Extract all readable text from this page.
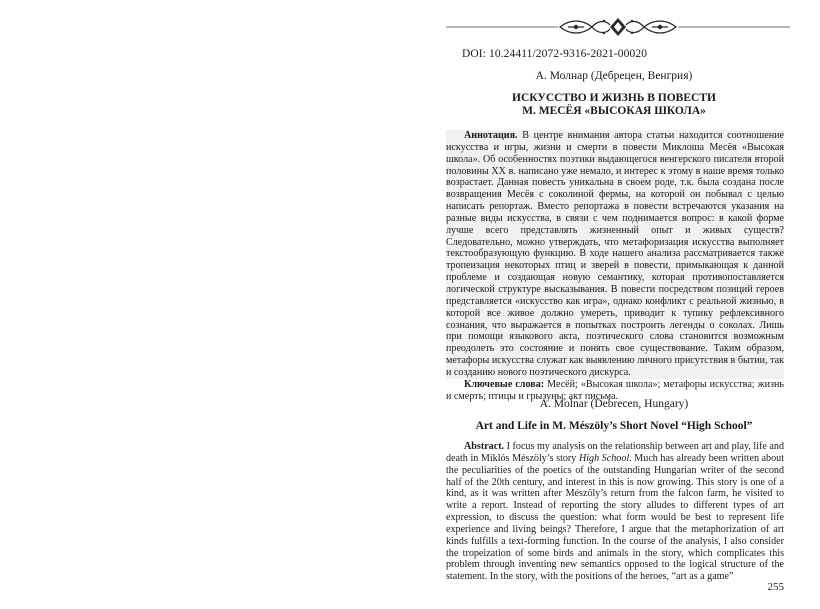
DOI: 10.24411/2072-9316-2021-00020
А. Молнар (Дебрецен, Венгрия)
ИСКУССТВО И ЖИЗНЬ В ПОВЕСТИ
М. МЕСЁЯ «ВЫСОКАЯ ШКОЛА»

Аннотация. В центре внимания автора статьи находится соотношение искусства и игры, жизни и смерти в повести Миклоша Месёя «Высокая школа». Об особенностях поэтики выдающегося венгерского писателя второй половины XX в. написано уже немало, и интерес к этому в наше время только возрастает. Данная повесть уникальна в своем роде, т.к. была создана после возвращения Месёя с соколиной фермы, на которой он побывал с целью написать репортаж. Вместо репортажа в повести встречаются указания на разные виды искусства, в связи с чем поднимается вопрос: в какой форме лучше всего представлять жизненный опыт и живых существ? Следовательно, можно утверждать, что метафоризация искусства выполняет текстообразующую функцию. В ходе нашего анализа рассматривается также тропеизация некоторых птиц и зверей в повести, примыкающая к данной проблеме и создающая новую семантику, которая противопоставляется логической структуре высказывания. В повести посредством позиций героев представляется «искусство как игра», однако конфликт с реальной жизнью, в которой все живое должно умереть, приводит к тупику рефлексивного сознания, что выражается в попытках построить легенды о соколах. Лишь при помощи языкового акта, поэтического слова становится возможным преодолеть это состояние и понять свое существование. Таким образом, метафоры искусства служат как выявлению личного присутствия в бытии, так и созданию нового поэтического дискурса.

Ключевые слова: Месёй; «Высокая школа»; метафоры искусства; жизнь и смерть; птицы и грызуны; акт письма.

A. Molnar (Debrecen, Hungary)
Art and Life in M. Mészöly’s Short Novel “High School”

Abstract. I focus my analysis on the relationship between art and play, life and death in Miklós Mészöly’s story High School. Much has already been written about the peculiarities of the poetics of the outstanding Hungarian writer of the second half of the 20th century, and interest in this is now growing. This story is one of a kind, as it was written after Mészöly’s return from the falcon farm, he visited to write a report. Instead of reporting the story alludes to different types of art expression, to discuss the question: what form would be best to represent life experience and living beings? Therefore, I argue that the metaphorization of art kinds fulfills a text-forming function. In the course of the analysis, I also consider the tropeization of some birds and animals in the story, which complicates this problem through inventing new semantics opposed to the logical structure of the statement. In the story, with the positions of the heroes, “art as a game”

255
